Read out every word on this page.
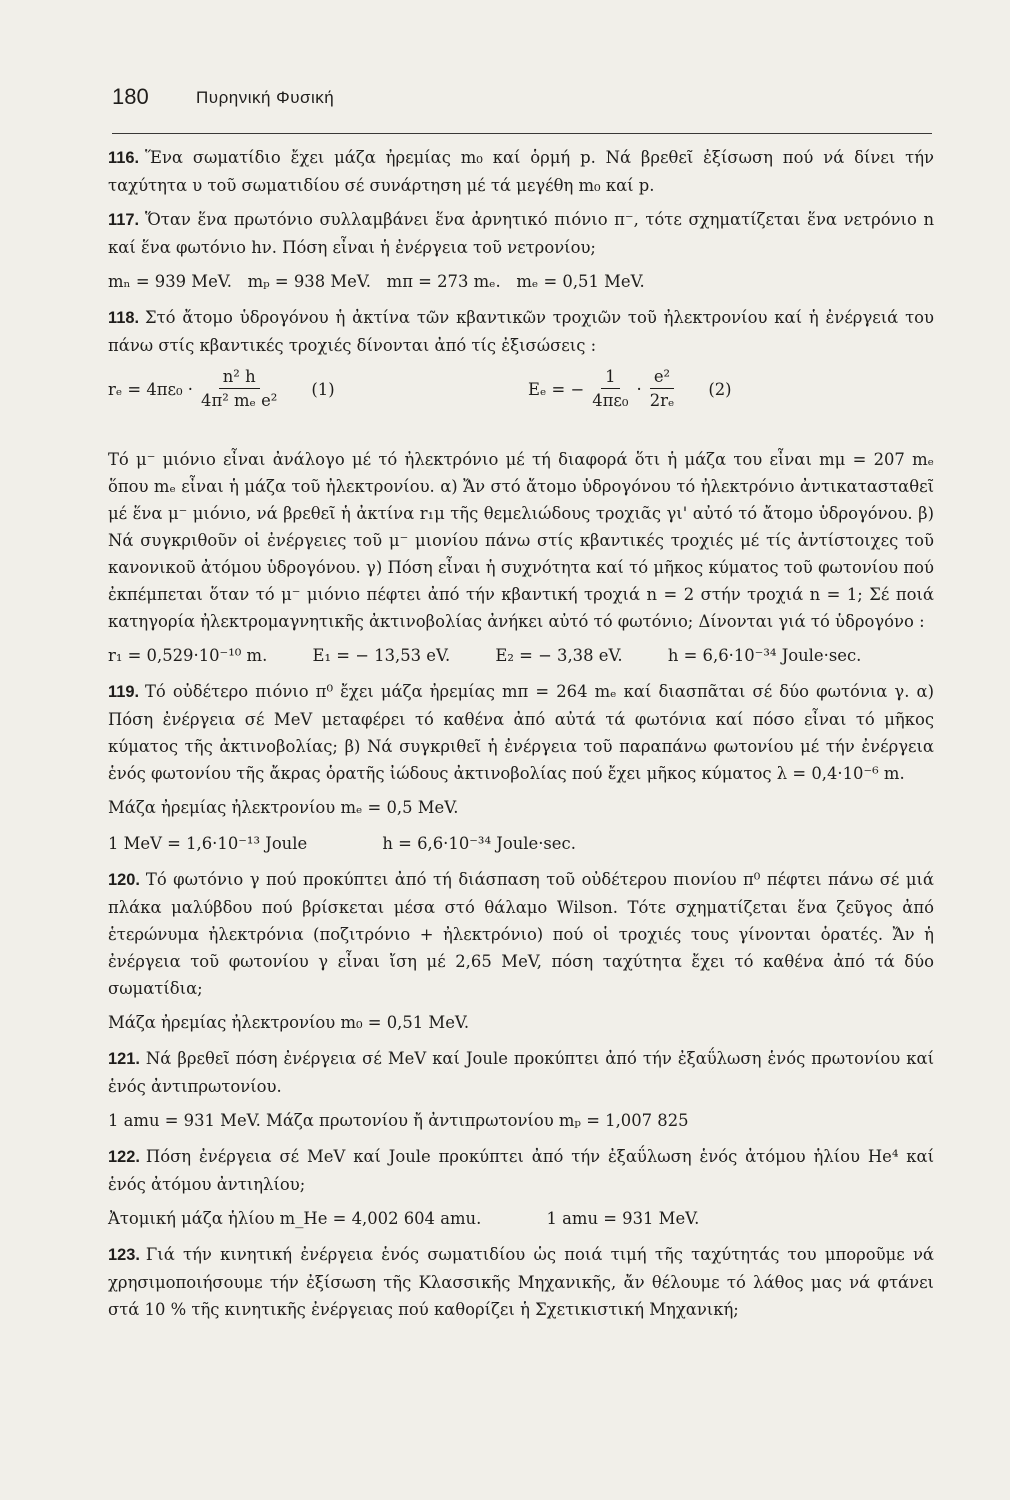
180	Πυρηνική Φυσική

116. Ἕνα σωματίδιο ἔχει μάζα ἠρεμίας m₀ καί ὁρμή p. Νά βρεθεῖ ἐξίσωση πού νά δίνει τήν ταχύτητα υ τοῦ σωματιδίου σέ συνάρτηση μέ τά μεγέθη m₀ καί p.

117. Ὅταν ἕνα πρωτόνιο συλλαμβάνει ἕνα ἀρνητικό πιόνιο π⁻, τότε σχηματίζεται ἕνα νετρόνιο n καί ἕνα φωτόνιο hν. Πόση εἶναι ἡ ἐνέργεια τοῦ νετρονίου;

mₙ = 939 MeV. mₚ = 938 MeV. mπ = 273 mₑ. mₑ = 0,51 MeV.

118. Στό ἄτομο ὑδρογόνου ἡ ἀκτίνα τῶν κβαντικῶν τροχιῶν τοῦ ἠλεκτρονίου καί ἡ ἐνέργειά του πάνω στίς κβαντικές τροχιές δίνονται ἀπό τίς ἐξισώσεις :

$r_e = 4\pi\varepsilon_0 \cdot \frac{\text{n² h}}{\text{4π² mₑ e²}} (1)$	Eₑ = − $\frac{1}{\text{4πε₀}} \cdot \frac{\text{e²}}{\text{2rₑ}} (2)$

Τό μ⁻ μιόνιο εἶναι ἀνάλογο μέ τό ἠλεκτρόνιο μέ τή διαφορά ὅτι ἡ μάζα του εἶναι mμ = 207 mₑ ὅπου mₑ εἶναι ἡ μάζα τοῦ ἠλεκτρονίου. α) Ἄν στό ἄτομο ὑδρογόνου τό ἠλεκτρόνιο ἀντικατασταθεῖ μέ ἕνα μ⁻ μιόνιο, νά βρεθεῖ ἡ ἀκτίνα r₁μ τῆς θεμελιώδους τροχιᾶς γι' αὐτό τό ἄτομο ὑδρογόνου. β) Νά συγκριθοῦν οἱ ἐνέργειες τοῦ μ⁻ μιονίου πάνω στίς κβαντικές τροχιές μέ τίς ἀντίστοιχες τοῦ κανονικοῦ ἀτόμου ὑδρογόνου. γ) Πόση εἶναι ἡ συχνότητα καί τό μῆκος κύματος τοῦ φωτονίου πού ἐκπέμπεται ὅταν τό μ⁻ μιόνιο πέφτει ἀπό τήν κβαντική τροχιά n = 2 στήν τροχιά n = 1; Σέ ποιά κατηγορία ἠλεκτρομαγνητικῆς ἀκτινοβολίας ἀνήκει αὐτό τό φωτόνιο; Δίνονται γιά τό ὑδρογόνο :

r₁ = 0,529·10⁻¹⁰ m.	E₁ = − 13,53 eV.	E₂ = − 3,38 eV.	h = 6,6·10⁻³⁴ Joule·sec.

119. Τό οὐδέτερο πιόνιο π⁰ ἔχει μάζα ἠρεμίας mπ = 264 mₑ καί διασπᾶται σέ δύο φωτόνια γ. α) Πόση ἐνέργεια σέ MeV μεταφέρει τό καθένα ἀπό αὐτά τά φωτόνια καί πόσο εἶναι τό μῆκος κύματος τῆς ἀκτινοβολίας; β) Νά συγκριθεῖ ἡ ἐνέργεια τοῦ παραπάνω φωτονίου μέ τήν ἐνέργεια ἑνός φωτονίου τῆς ἄκρας ὁρατῆς ἰώδους ἀκτινοβολίας πού ἔχει μῆκος κύματος λ = 0,4·10⁻⁶ m.

Μάζα ἠρεμίας ἠλεκτρονίου mₑ = 0,5 MeV.
1 MeV = 1,6·10⁻¹³ Joule	h = 6,6·10⁻³⁴ Joule·sec.

120. Τό φωτόνιο γ πού προκύπτει ἀπό τή διάσπαση τοῦ οὐδέτερου πιονίου π⁰ πέφτει πάνω σέ μιά πλάκα μαλύβδου πού βρίσκεται μέσα στό θάλαμο Wilson. Τότε σχηματίζεται ἕνα ζεῦγος ἀπό ἑτερώνυμα ἠλεκτρόνια (ποζιτρόνιο + ἠλεκτρόνιο) πού οἱ τροχιές τους γίνονται ὁρατές. Ἄν ἡ ἐνέργεια τοῦ φωτονίου γ εἶναι ἴση μέ 2,65 MeV, πόση ταχύτητα ἔχει τό καθένα ἀπό τά δύο σωματίδια;

Μάζα ἠρεμίας ἠλεκτρονίου m₀ = 0,51 MeV.

121. Νά βρεθεῖ πόση ἐνέργεια σέ MeV καί Joule προκύπτει ἀπό τήν ἐξαΰλωση ἑνός πρωτονίου καί ἑνός ἀντιπρωτονίου.

1 amu = 931 MeV. Μάζα πρωτονίου ἤ ἀντιπρωτονίου mₚ = 1,007 825

122. Πόση ἐνέργεια σέ MeV καί Joule προκύπτει ἀπό τήν ἐξαΰλωση ἑνός ἀτόμου ἡλίου He⁴ καί ἑνός ἀτόμου ἀντιηλίου;

Ἀτομική μάζα ἡλίου m_He = 4,002 604 amu.	1 amu = 931 MeV.

123. Γιά τήν κινητική ἐνέργεια ἑνός σωματιδίου ὡς ποιά τιμή τῆς ταχύτητάς του μποροῦμε νά χρησιμοποιήσουμε τήν ἐξίσωση τῆς Κλασσικῆς Μηχανικῆς, ἄν θέλουμε τό λάθος μας νά φτάνει στά 10 % τῆς κινητικῆς ἐνέργειας πού καθορίζει ἡ Σχετικιστική Μηχανική;
